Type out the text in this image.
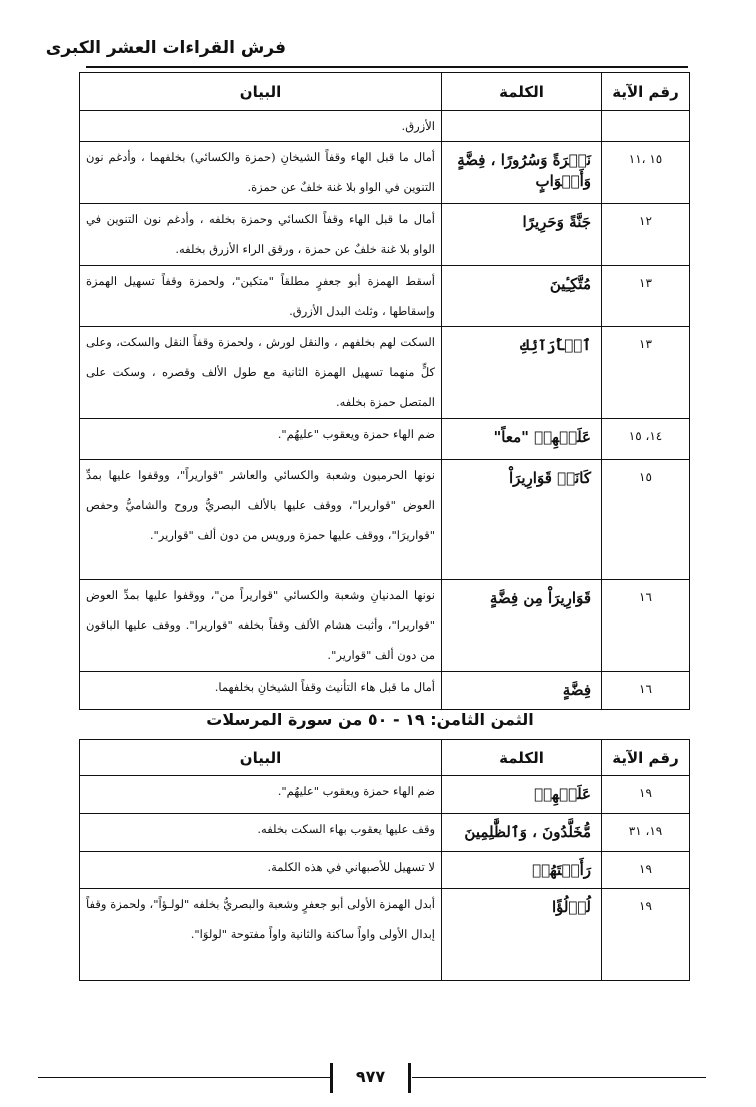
فرش القراءات العشر الكبرى
رقم الآية	الكلمة	البيان
		الأزرق.
١٥ ،١١	نَضۡرَةً وَسُرُورًا ، فِضَّةٍ وَأَكۡوَابٍ	أمال ما قبل الهاء وقفاً الشيخانِ (حمزة والكسائي) بخلفهما ، وأدغم نون التنوين في الواو بلا غنة خلفٌ عن حمزة.
١٢	جَنَّةً وَحَرِيرًا	أمال ما قبل الهاء وقفاً الكسائي وحمزة بخلفه ، وأدغم نون التنوين في الواو بلا غنة خلفٌ عن حمزة ، ورقق الراء الأزرق بخلفه.
١٣	مُتَّكِـِٔينَ	أسقط الهمزة أبو جعفرٍ مطلقاً "متكين"، ولحمزة وقفاً تسهيل الهمزة وإسقاطها ، وثلث البدل الأزرق.
١٣	ٱلۡأَرَآئِكِ	السكت لهم بخلفهم ، والنقل لورش ، ولحمزة وقفاً النقل والسكت، وعلى كلٍّ منهما تسهيل الهمزة الثانية مع طول الألف وقصره ، وسكت على المتصل حمزة بخلفه.
١٤، ١٥	عَلَيۡهِمۡ "معاً"	ضم الهاء حمزة ويعقوب "عليهُم".
١٥	كَانَتۡ قَوَارِيرَاْ	نونها الحرميون وشعبة والكسائي والعاشر "قواريراً"، ووقفوا عليها بمدِّ العوض "قواريرا"، ووقف عليها بالألف البصريُّ وروح والشاميُّ وحفص "قواريرَا"، ووقف عليها حمزة ورويس من دون ألف "قوارير".
١٦	قَوَارِيرَاْ مِن فِضَّةٍ	نونها المدنيانِ وشعبة والكسائي "قواريراً من"، ووقفوا عليها بمدِّ العوض "قواريرا"، وأثبت هشام الألف وقفاً بخلفه "قواريرا". ووقف عليها الباقون من دون ألف "قوارير".
١٦	فِضَّةٍ	أمال ما قبل هاء التأنيث وقفاً الشيخانِ بخلفهما.
الثمن الثامن: ١٩ - ٥٠ من سورة المرسلات
رقم الآية	الكلمة	البيان
١٩	عَلَيۡهِمۡ	ضم الهاء حمزة ويعقوب "عليهُم".
١٩، ٣١	مُّخَلَّدُونَ ، وَٱلظَّٰلِمِينَ	وقف عليها يعقوب بهاء السكت بخلفه.
١٩	رَأَيۡتَهُمۡ	لا تسهيل للأصبهاني في هذه الكلمة.
١٩	لُؤۡلُؤًا	أبدل الهمزة الأولى أبو جعفرٍ وشعبة والبصريُّ بخلفه "لولـؤاً"، ولحمزة وقفاً إبدال الأولى واواً ساكنة والثانية واواً مفتوحة "لولوَا".
٩٧٧
